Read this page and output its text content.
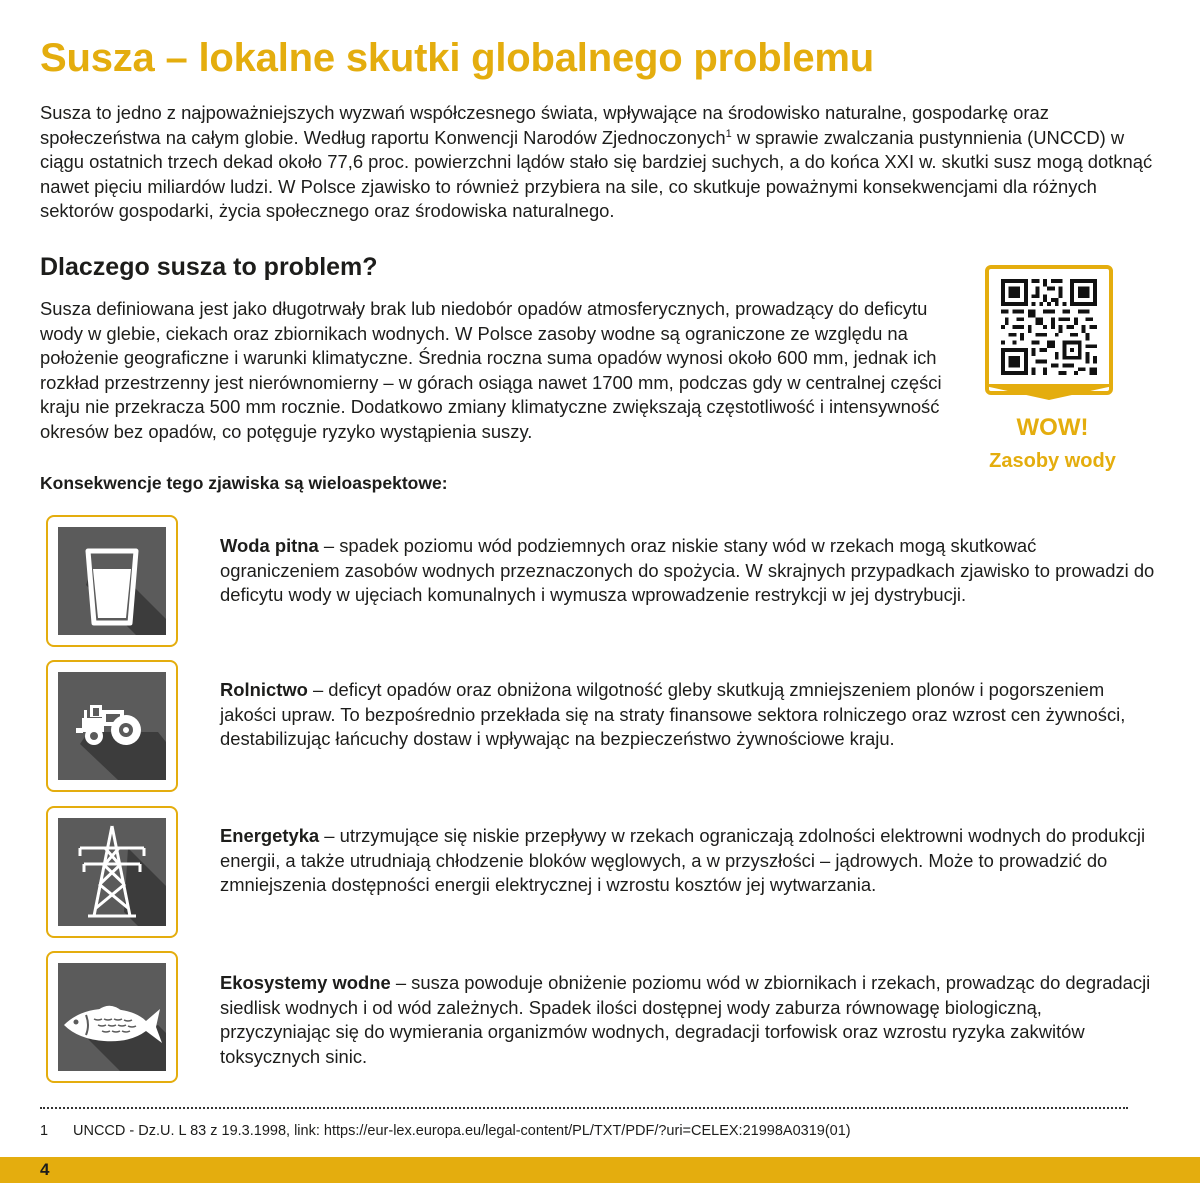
Susza – lokalne skutki globalnego problemu

Susza to jedno z najpoważniejszych wyzwań współczesnego świata, wpływające na środowisko naturalne, gospodarkę oraz społeczeństwa na całym globie. Według raportu Konwencji Narodów Zjednoczonych$^1$ w sprawie zwalczania pustynnienia (UNCCD) w ciągu ostatnich trzech dekad około 77,6 proc. powierzchni lądów stało się bardziej suchych, a do końca XXI w. skutki susz mogą dotknąć nawet pięciu miliardów ludzi. W Polsce zjawisko to również przybiera na sile, co skutkuje poważnymi konsekwencjami dla różnych sektorów gospodarki, życia społecznego oraz środowiska naturalnego.

Dlaczego susza to problem?

Susza definiowana jest jako długotrwały brak lub niedobór opadów atmosferycznych, prowadzący do deficytu wody w glebie, ciekach oraz zbiornikach wodnych. W Polsce zasoby wodne są ograniczone ze względu na położenie geograficzne i warunki klimatyczne. Średnia roczna suma opadów wynosi około 600 mm, jednak ich rozkład przestrzenny jest nierównomierny – w górach osiąga nawet 1700 mm, podczas gdy w centralnej części kraju nie przekracza 500 mm rocznie. Dodatkowo zmiany klimatyczne zwiększają częstotliwość i intensywność okresów bez opadów, co potęguje ryzyko wystąpienia suszy.	WOW!
Zasoby wody
Konsekwencje tego zjawiska są wieloaspektowe:
Woda pitna – spadek poziomu wód podziemnych oraz niskie stany wód w rzekach mogą skutkować ograniczeniem zasobów wodnych przeznaczonych do spożycia. W skrajnych przypadkach zjawisko to prowadzi do deficytu wody w ujęciach komunalnych i wymusza wprowadzenie restrykcji w jej dystrybucji.
Rolnictwo – deficyt opadów oraz obniżona wilgotność gleby skutkują zmniejszeniem plonów i pogorszeniem jakości upraw. To bezpośrednio przekłada się na straty finansowe sektora rolniczego oraz wzrost cen żywności, destabilizując łańcuchy dostaw i wpływając na bezpieczeństwo żywnościowe kraju.
Energetyka – utrzymujące się niskie przepływy w rzekach ograniczają zdolności elektrowni wodnych do produkcji energii, a także utrudniają chłodzenie bloków węglowych, a w przyszłości – jądrowych. Może to prowadzić do zmniejszenia dostępności energii elektrycznej i wzrostu kosztów jej wytwarzania.
Ekosystemy wodne – susza powoduje obniżenie poziomu wód w zbiornikach i rzekach, prowadząc do degradacji siedlisk wodnych i od wód zależnych. Spadek ilości dostępnej wody zaburza równowagę biologiczną, przyczyniając się do wymierania organizmów wodnych, degradacji torfowisk oraz wzrostu ryzyka zakwitów toksycznych sinic.
1 UNCCD - Dz.U. L 83 z 19.3.1998, link: https://eur-lex.europa.eu/legal-content/PL/TXT/PDF/?uri=CELEX:21998A0319(01)
4
